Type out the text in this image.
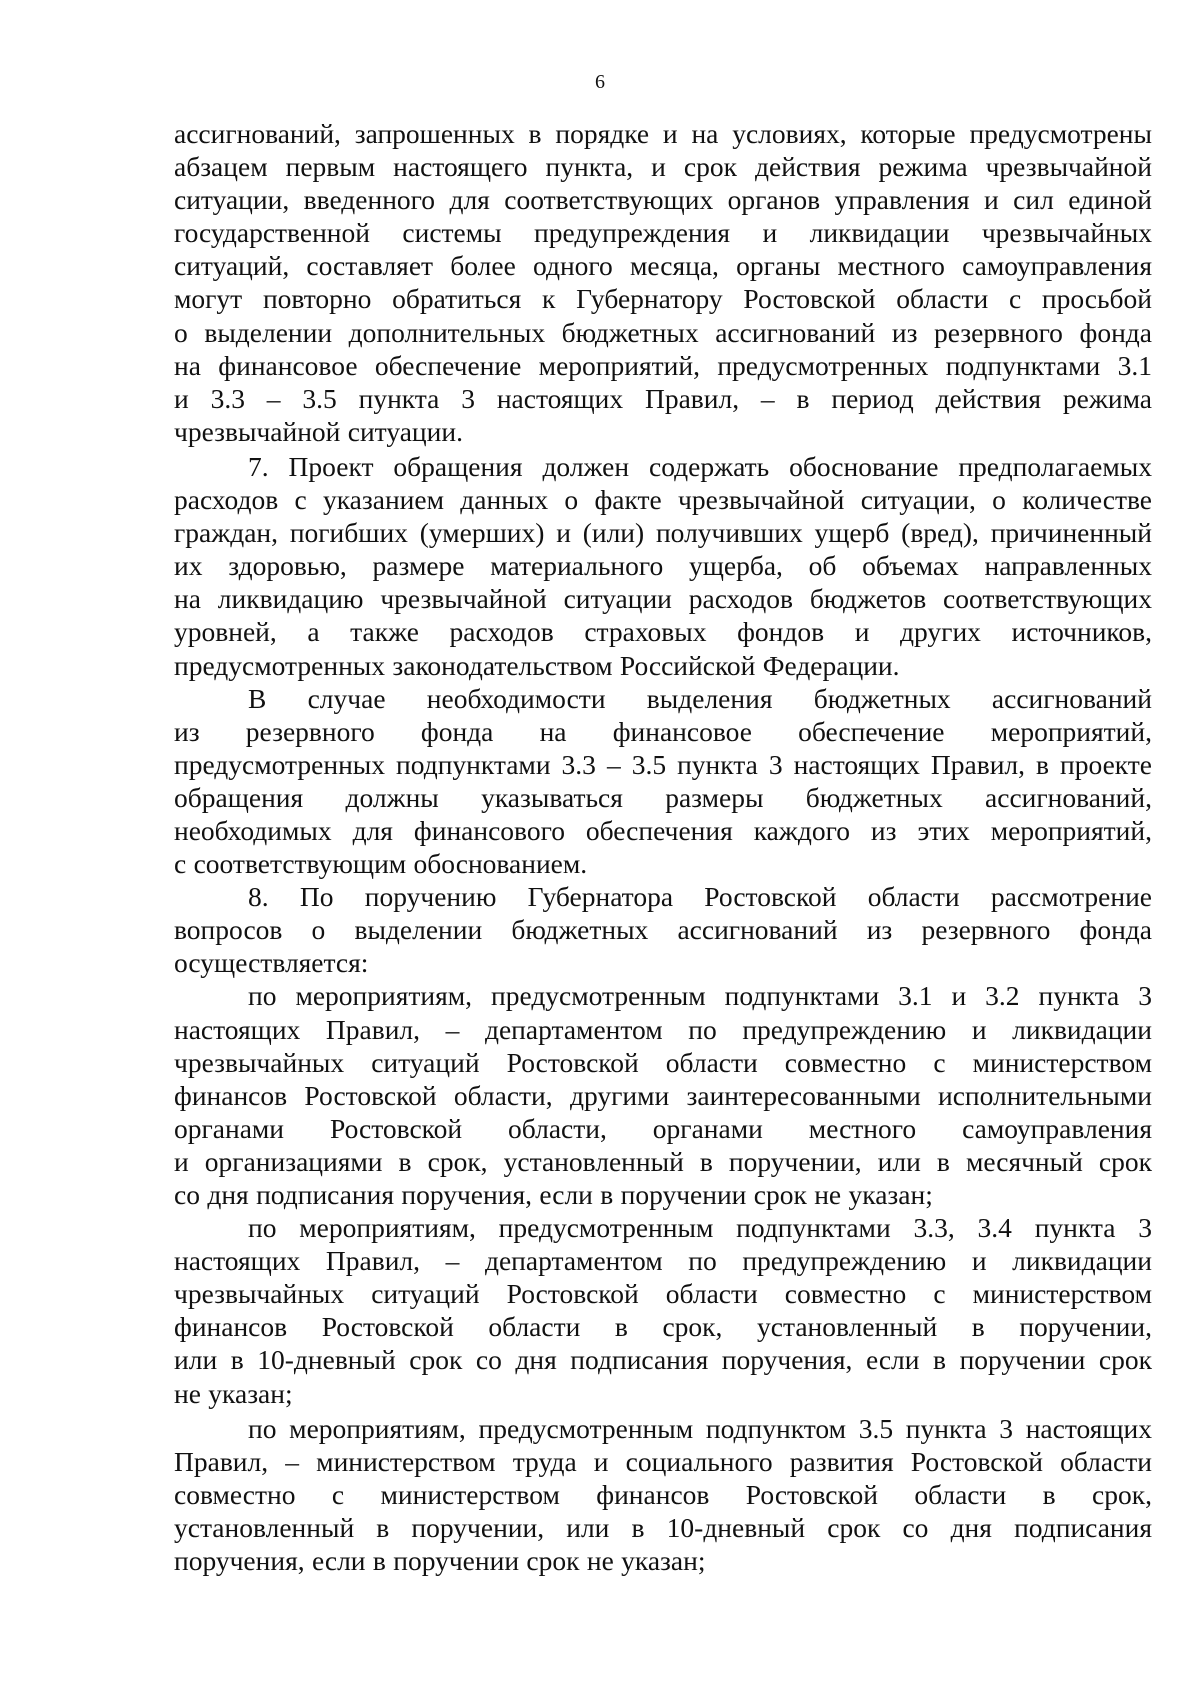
6
ассигнований, запрошенных в порядке и на условиях, которые предусмотрены
абзацем первым настоящего пункта, и срок действия режима чрезвычайной
ситуации, введенного для соответствующих органов управления и сил единой
государственной системы предупреждения и ликвидации чрезвычайных
ситуаций, составляет более одного месяца, органы местного самоуправления
могут повторно обратиться к Губернатору Ростовской области с просьбой
о выделении дополнительных бюджетных ассигнований из резервного фонда
на финансовое обеспечение мероприятий, предусмотренных подпунктами 3.1
и 3.3 – 3.5 пункта 3 настоящих Правил, – в период действия режима
чрезвычайной ситуации.
7. Проект обращения должен содержать обоснование предполагаемых
расходов с указанием данных о факте чрезвычайной ситуации, о количестве
граждан, погибших (умерших) и (или) получивших ущерб (вред), причиненный
их здоровью, размере материального ущерба, об объемах направленных
на ликвидацию чрезвычайной ситуации расходов бюджетов соответствующих
уровней, а также расходов страховых фондов и других источников,
предусмотренных законодательством Российской Федерации.
В случае необходимости выделения бюджетных ассигнований
из резервного фонда на финансовое обеспечение мероприятий,
предусмотренных подпунктами 3.3 – 3.5 пункта 3 настоящих Правил, в проекте
обращения должны указываться размеры бюджетных ассигнований,
необходимых для финансового обеспечения каждого из этих мероприятий,
с соответствующим обоснованием.
8. По поручению Губернатора Ростовской области рассмотрение
вопросов о выделении бюджетных ассигнований из резервного фонда
осуществляется:
по мероприятиям, предусмотренным подпунктами 3.1 и 3.2 пункта 3
настоящих Правил, – департаментом по предупреждению и ликвидации
чрезвычайных ситуаций Ростовской области совместно с министерством
финансов Ростовской области, другими заинтересованными исполнительными
органами Ростовской области, органами местного самоуправления
и организациями в срок, установленный в поручении, или в месячный срок
со дня подписания поручения, если в поручении срок не указан;
по мероприятиям, предусмотренным подпунктами 3.3, 3.4 пункта 3
настоящих Правил, – департаментом по предупреждению и ликвидации
чрезвычайных ситуаций Ростовской области совместно с министерством
финансов Ростовской области в срок, установленный в поручении,
или в 10-дневный срок со дня подписания поручения, если в поручении срок
не указан;
по мероприятиям, предусмотренным подпунктом 3.5 пункта 3 настоящих
Правил, – министерством труда и социального развития Ростовской области
совместно с министерством финансов Ростовской области в срок,
установленный в поручении, или в 10-дневный срок со дня подписания
поручения, если в поручении срок не указан;
